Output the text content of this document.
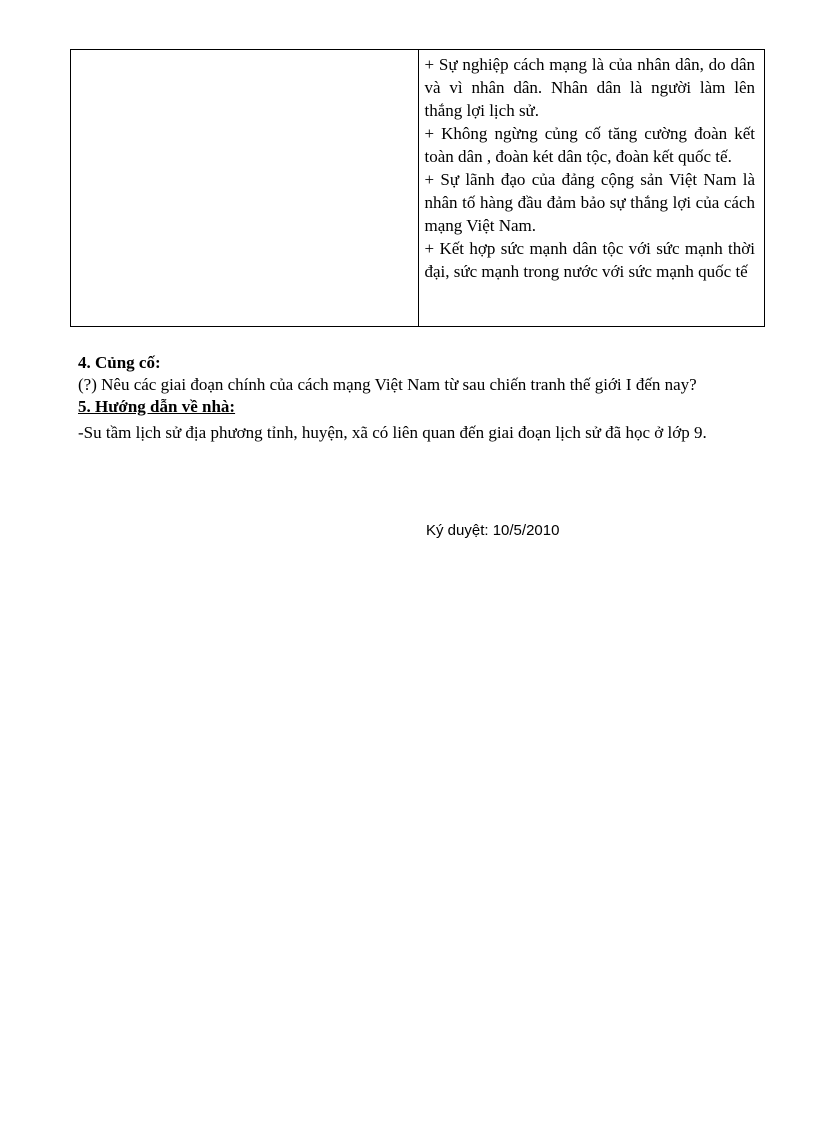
+ Sự nghiệp cách mạng là của nhân dân, do dân và vì nhân dân. Nhân dân là người làm lên thắng lợi lịch sử.

+ Không ngừng củng cố tăng cường đoàn kết toàn dân , đoàn két dân tộc, đoàn kết quốc tế.

+ Sự lãnh đạo của đảng cộng sản Việt Nam là nhân tố hàng đầu đảm bảo sự thắng lợi của cách mạng Việt Nam.

+ Kết hợp sức mạnh dân tộc với sức mạnh thời đại, sức mạnh trong nước với sức mạnh quốc tế

4. Củng cố:
(?) Nêu các giai đoạn chính của cách mạng Việt Nam từ sau chiến tranh thế giới I đến nay?
5. Hướng dẫn về nhà:
-Su tầm lịch sử địa phương tỉnh, huyện, xã có liên quan đến giai đoạn lịch sử đã học ở lớp 9.
Ký duyệt: 10/5/2010
